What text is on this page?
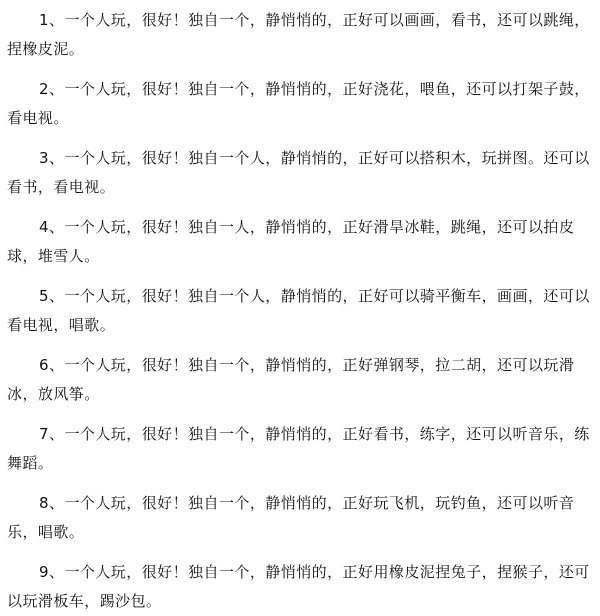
1、一个人玩，很好！独自一个，静悄悄的，正好可以画画，看书，还可以跳绳，捏橡皮泥。

2、一个人玩，很好！独自一个，静悄悄的，正好浇花，喂鱼，还可以打架子鼓，看电视。

3、一个人玩，很好！独自一个人，静悄悄的，正好可以搭积木，玩拼图。还可以看书，看电视。

4、一个人玩，很好！独自一人，静悄悄的，正好滑旱冰鞋，跳绳，还可以拍皮球，堆雪人。

5、一个人玩，很好！独自一个人，静悄悄的，正好可以骑平衡车，画画，还可以看电视，唱歌。

6、一个人玩，很好！独自一个，静悄悄的，正好弹钢琴，拉二胡，还可以玩滑冰，放风筝。

7、一个人玩，很好！独自一个，静悄悄的，正好看书，练字，还可以听音乐，练舞蹈。

8、一个人玩，很好！独自一个，静悄悄的，正好玩飞机，玩钓鱼，还可以听音乐，唱歌。

9、一个人玩，很好！独自一个，静悄悄的，正好用橡皮泥捏兔子，捏猴子，还可以玩滑板车，踢沙包。
